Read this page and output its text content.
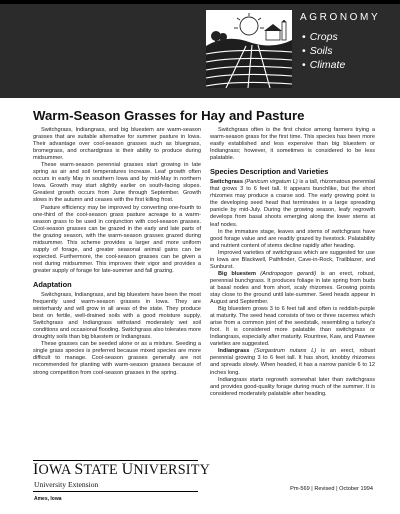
AGRONOMY
• Crops
• Soils
• Climate
Warm-Season Grasses for Hay and Pasture

Switchgrass, Indiangrass, and big bluestem are warm-season grasses that are suitable alternative for summer pasture in Iowa. Their advantage over cool-season grasses such as bluegrass, bromegrass, and orchardgrass is their ability to produce during midsummer.

These warm-season perennial grasses start growing in late spring as air and soil temperatures increase. Leaf growth often occurs in early May in southern Iowa and by mid-May in northern Iowa. Growth may start slightly earlier on south-facing slopes. Greatest growth occurs from June through September. Growth slows in the autumn and ceases with the first killing frost.

Pasture efficiency may be improved by converting one-fourth to one-third of the cool-season grass pasture acreage to a warm-season grass to be used in conjunction with cool-season grasses. Cool-season grasses can be grazed in the early and late parts of the grazing season, with the warm-season grasses grazed during midsummer. This scheme provides a larger and more uniform supply of forage, and greater seasonal animal gains can be expected. Furthermore, the cool-season grasses can be given a rest during midsummer. This improves their vigor and provides a greater supply of forage for late-summer and fall grazing.

Adaptation

Switchgrass, Indiangrass, and big bluestem have been the most frequently used warm-season grasses in Iowa. They are winterhardy and will grow in all areas of the state. They produce best on fertile, well-drained soils with a good moisture supply. Switchgrass and Indiangrass withstand moderately wet soil conditions and occasional flooding. Switchgrass also tolerates more droughty soils than big bluestem or Indiangrass.

These grasses can be seeded alone or as a mixture. Seeding a single grass species is preferred because mixed species are more difficult to manage. Cool-season grasses generally are not recommended for planting with warm-season grasses because of strong competition from cool-season grasses in the spring.

Switchgrass often is the first choice among farmers trying a warm-season grass for the first time. This species has been more easily established and less expensive than big bluestem or Indiangrass; however, it sometimes is considered to be less palatable.

Species Description and Varieties

Switchgrass (Panicum virgatum L) is a tall, rhizomatous perennial that grows 3 to 6 feet tall. It appears bunchlike, but the short rhizomes may produce a coarse sod. The early growing point is the developing seed head that terminates in a large spreading panicle by mid-July. During the growing season, leafy regrowth develops from basal shoots emerging along the lower stems at leaf nodes.

In the immature stage, leaves and stems of switchgrass have good forage value and are readily grazed by livestock. Palatability and nutrient content of stems decline rapidly after heading.

Improved varieties of switchgrass which are suggested for use in Iowa are Blackwell, Pathfinder, Cave-in-Rock, Trailblazer, and Sunburst.

Big bluestem (Andropogon gerardi) is an erect, robust, perennial bunchgrass. It produces foliage in late spring from buds at basal nodes and from short, scaly rhizomes. Growing points stay close to the ground until late-summer. Seed heads appear in August and September.

Big bluestem grows 3 to 6 feet tall and often is reddish-purple at maturity. The seed head consists of two or three racemes which arise from a common joint of the seedstalk, resembling a turkey's foot. It is considered more palatable than switchgrass or Indiangrass, especially after maturity. Rountree, Kaw, and Pawnee varieties are suggested.

Indiangrass (Sorgastrum nutans L) is an erect, robust perennial growing 3 to 6 feet tall. It has short, knobby rhizomes and spreads slowly. When headed, it has a narrow panicle 6 to 12 inches long.

Indiangrass starts regrowth somewhat later than switchgrass and provides good-quality forage during much of the summer. It is considered moderately palatable after heading.

IOWA STATE UNIVERSITY
University Extension
Ames, Iowa
Pm-569 | Revised | October 1994
